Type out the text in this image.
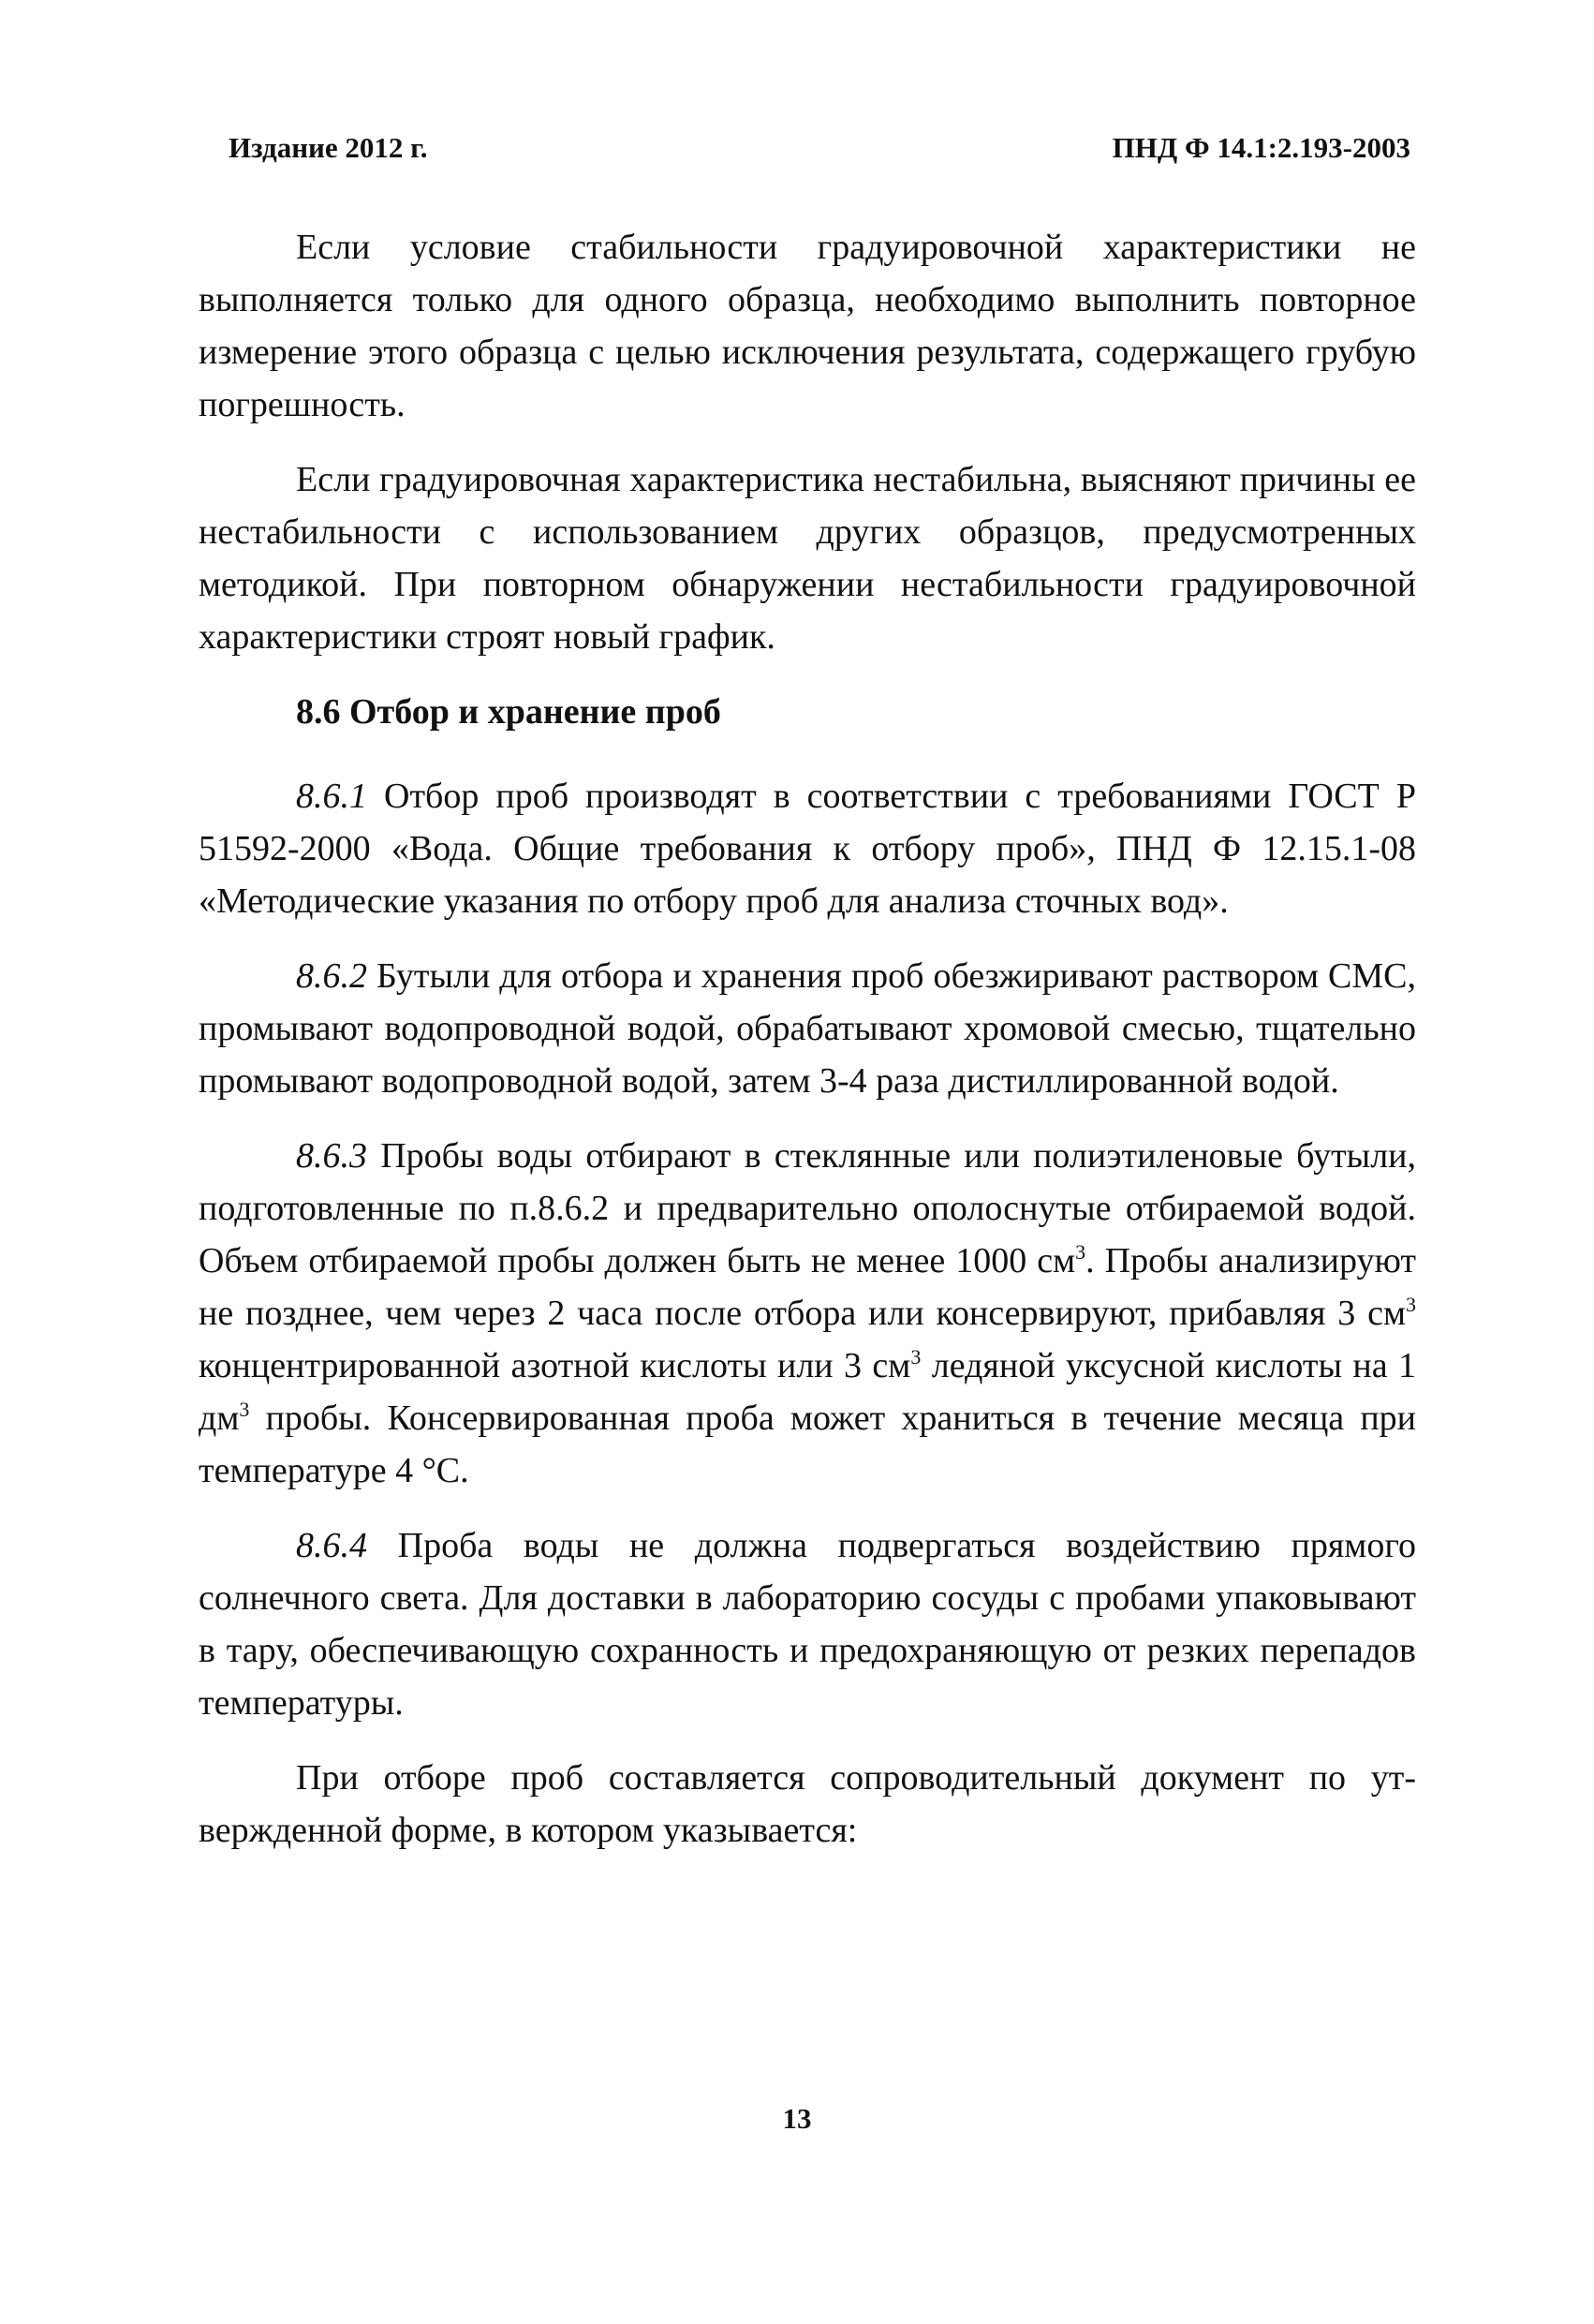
Издание 2012 г.	ПНД Ф 14.1:2.193-2003

Если условие стабильности градуировочной характеристики не выполняется только для одного образца, необходимо выполнить повторное измерение этого образца с целью исключения результата, содержащего грубую погрешность.

Если градуировочная характеристика нестабильна, выясняют причины ее нестабильности с использованием других образцов, предусмотренных методикой. При повторном обнаружении нестабильности градуировочной характеристики строят новый график.

8.6 Отбор и хранение проб

8.6.1 Отбор проб производят в соответствии с требованиями ГОСТ Р 51592-2000 «Вода. Общие требования к отбору проб», ПНД Ф 12.15.1-08 «Методические указания по отбору проб для анализа сточных вод».

8.6.2 Бутыли для отбора и хранения проб обезжиривают раствором СМС, промывают водопроводной водой, обрабатывают хромовой смесью, тщательно промывают водопроводной водой, затем 3-4 раза дистиллированной водой.

8.6.3 Пробы воды отбирают в стеклянные или полиэтиленовые бутыли, подготовленные по п.8.6.2 и предварительно ополоснутые отбираемой водой. Объем отбираемой пробы должен быть не менее 1000 $см^3$. Пробы анализируют не позднее, чем через 2 часа после отбора или консервируют, прибавляя 3 $см^3$ концентрированной азотной кислоты или 3 $см^3$ ледяной уксусной кислоты на 1 $дм^3$ пробы. Консервированная проба может храниться в течение месяца при температуре 4 °С.

8.6.4 Проба воды не должна подвергаться воздействию прямого солнечного света. Для доставки в лабораторию сосуды с пробами упаковывают в тару, обеспечивающую сохранность и предохраняющую от резких перепадов температуры.

При отборе проб составляется сопроводительный документ по утвержденной форме, в котором указывается:

13
